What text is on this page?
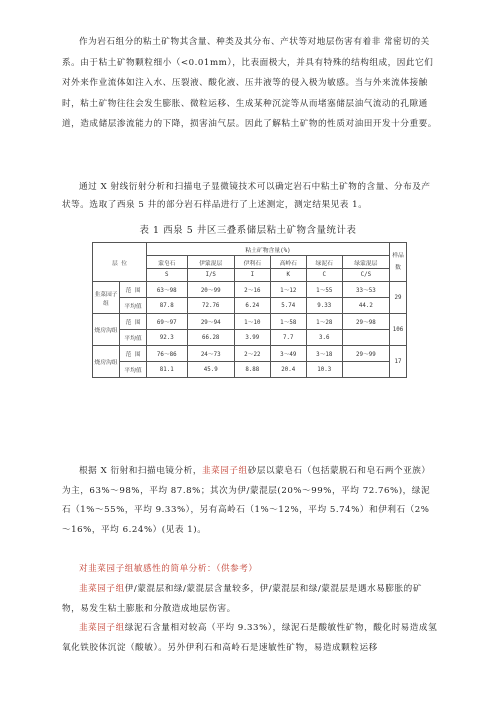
作为岩石组分的粘土矿物其含量、种类及其分布、产状等对地层伤害有着非 常密切的关系。由于粘土矿物颗粒细小（<0.01mm），比表面极大，并具有特殊的结构组成，因此它们对外来作业流体如注入水、压裂液、酸化液、压井液等的侵入极为敏感。当与外来流体接触时，粘土矿物往往会发生膨胀、微粒运移、生成某种沉淀等从而堵塞储层油气流动的孔隙通道，造成储层渗流能力的下降，损害油气层。因此了解粘土矿物的性质对油田开发十分重要。

通过 X 射线衍射分析和扫描电子显微镜技术可以确定岩石中粘土矿物的含量、分布及产状等。选取了西泉 5 井的部分岩石样品进行了上述测定，测定结果见表 1。

表 1 西泉 5 井区三叠系储层粘土矿物含量统计表
层 位		粘土矿物含量(%)						样品数
		蒙皂石	伊蒙混层	伊利石	高岭石	绿泥石	绿蒙混层	
		S	I/S	I	K	C	C/S	
韭菜园子组	范 围	63～98	20～99	2～16	1～12	1～55	33～53	29
	平均值	87.8	72.76	6.24	5.74	9.33	44.2	
烧房沟组	范 围	69～97	29～94	1～10	1～58	1～28	29～98	106
	平均值	92.3	66.28	3.99	7.7	3.6		
烧房沟组	范 围	76～86	24～73	2～22	3～49	3～18	29～99	17
	平均值	81.1	45.9	8.88	20.4	10.3		

根据 X 衍射和扫描电镜分析，韭菜园子组砂层以蒙皂石（包括蒙脱石和皂石两个亚族）为主，63%～98%，平均 87.8%；其次为伊/蒙混层(20%～99%，平均 72.76%)，绿泥石（1%～55%，平均 9.33%），另有高岭石（1%～12%，平均 5.74%）和伊利石（2%～16%，平均 6.24%）(见表 1)。

对韭菜园子组敏感性的简单分析：（供参考）

韭菜园子组伊/蒙混层和绿/蒙混层含量较多，伊/蒙混层和绿/蒙混层是遇水易膨胀的矿物，易发生粘土膨胀和分散造成地层伤害。

韭菜园子组绿泥石含量相对较高（平均 9.33%），绿泥石是酸敏性矿物，酸化时易造成氢氧化铁胶体沉淀（酸敏）。另外伊利石和高岭石是速敏性矿物，易造成颗粒运移
